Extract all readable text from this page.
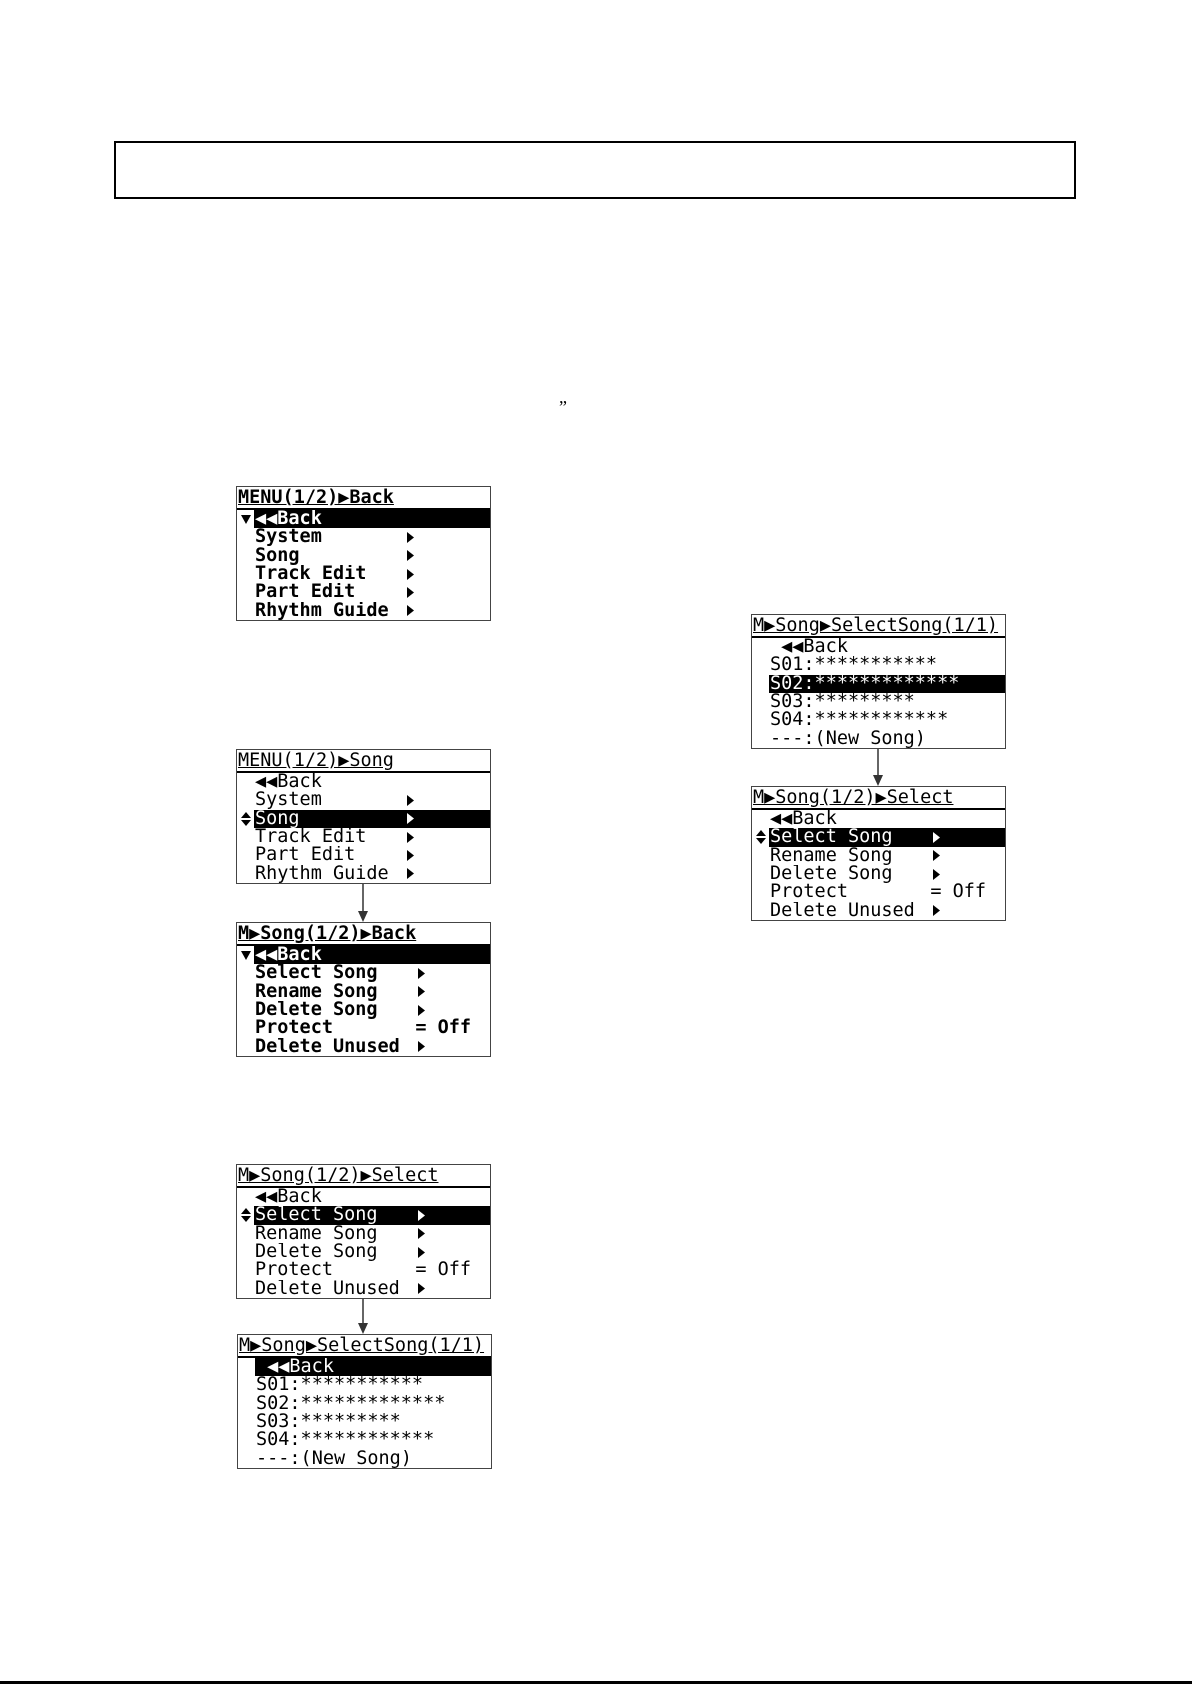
”
MENU(1/2)▶Back
◀◀Back
System
Song
Track Edit
Part Edit
Rhythm Guide
MENU(1/2)▶Song
◀◀Back
System
Song
Track Edit
Part Edit
Rhythm Guide
M▶Song(1/2)▶Back
◀◀Back
Select Song
Rename Song
Delete Song
Protect	= Off
Delete Unused
M▶Song(1/2)▶Select
◀◀Back
Select Song
Rename Song
Delete Song
Protect	= Off
Delete Unused
M▶Song▶SelectSong(1/1)
◀◀Back
S01:***********
S02:*************
S03:*********
S04:************
---:(New Song)
M▶Song▶SelectSong(1/1)
◀◀Back
S01:***********
S02:*************
S03:*********
S04:************
---:(New Song)
M▶Song(1/2)▶Select
◀◀Back
Select Song
Rename Song
Delete Song
Protect	= Off
Delete Unused
